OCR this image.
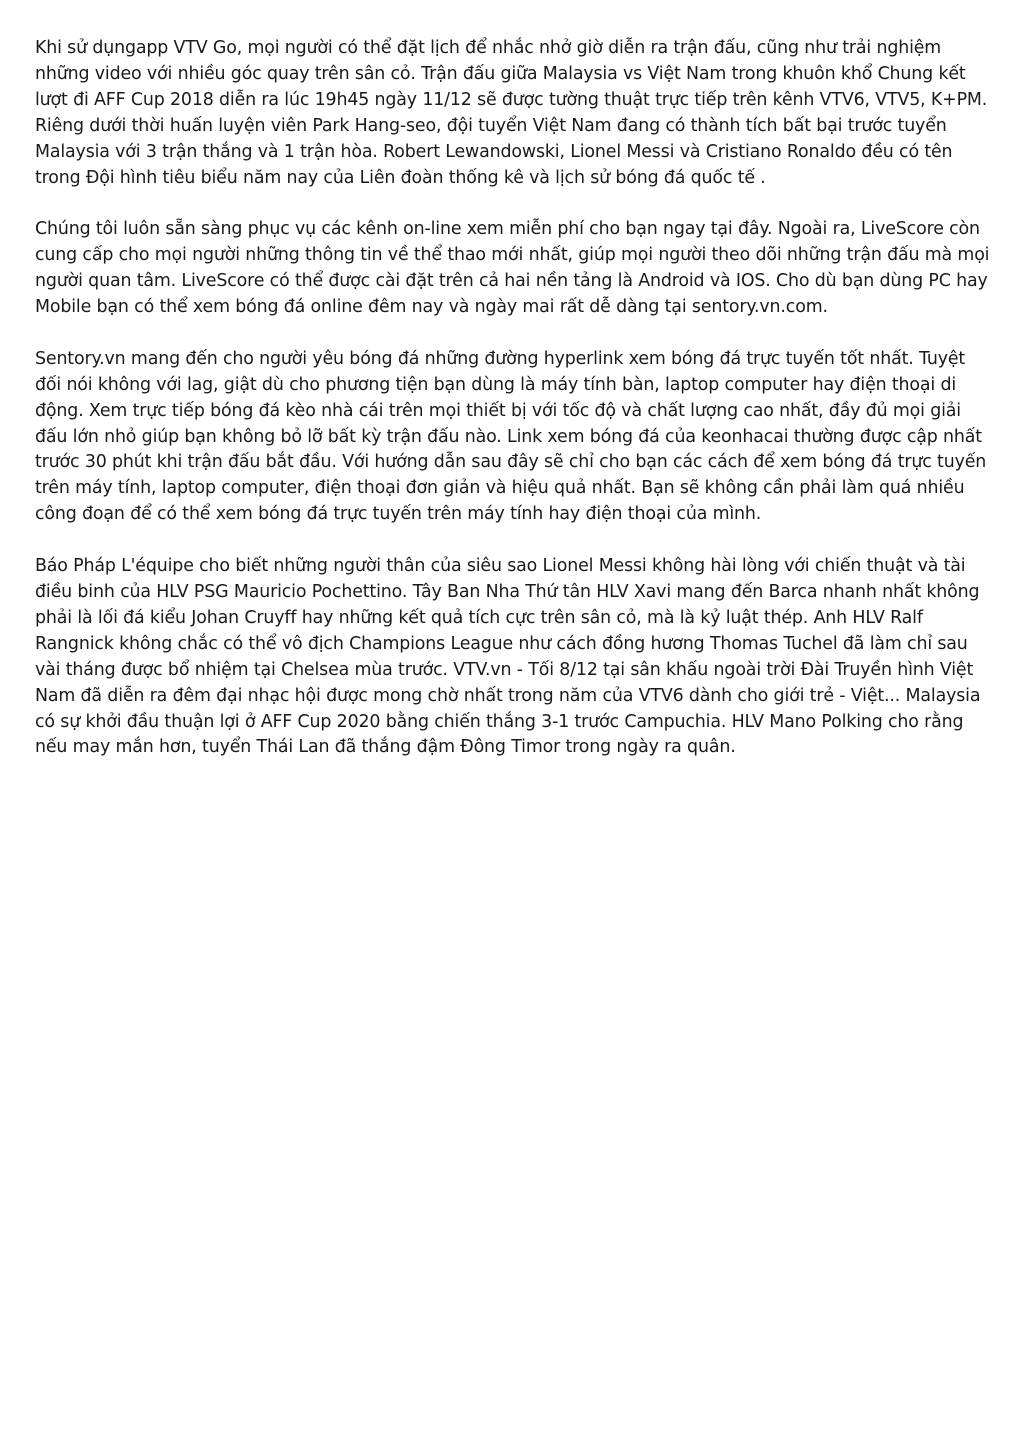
Khi sử dụngapp VTV Go, mọi người có thể đặt lịch để nhắc nhở giờ diễn ra trận đấu, cũng như trải nghiệm những video với nhiều góc quay trên sân cỏ. Trận đấu giữa Malaysia vs Việt Nam trong khuôn khổ Chung kết lượt đi AFF Cup 2018 diễn ra lúc 19h45 ngày 11/12 sẽ được tường thuật trực tiếp trên kênh VTV6, VTV5, K+PM. Riêng dưới thời huấn luyện viên Park Hang-seo, đội tuyển Việt Nam đang có thành tích bất bại trước tuyển Malaysia với 3 trận thắng và 1 trận hòa. Robert Lewandowski, Lionel Messi và Cristiano Ronaldo đều có tên trong Đội hình tiêu biểu năm nay của Liên đoàn thống kê và lịch sử bóng đá quốc tế .

Chúng tôi luôn sẵn sàng phục vụ các kênh on-line xem miễn phí cho bạn ngay tại đây. Ngoài ra, LiveScore còn cung cấp cho mọi người những thông tin về thể thao mới nhất, giúp mọi người theo dõi những trận đấu mà mọi người quan tâm. LiveScore có thể được cài đặt trên cả hai nền tảng là Android và IOS. Cho dù bạn dùng PC hay Mobile bạn có thể xem bóng đá online đêm nay và ngày mai rất dễ dàng tại sentory.vn.com.

Sentory.vn mang đến cho người yêu bóng đá những đường hyperlink xem bóng đá trực tuyến tốt nhất. Tuyệt đối nói không với lag, giật dù cho phương tiện bạn dùng là máy tính bàn, laptop computer hay điện thoại di động. Xem trực tiếp bóng đá kèo nhà cái trên mọi thiết bị với tốc độ và chất lượng cao nhất, đầy đủ mọi giải đấu lớn nhỏ giúp bạn không bỏ lỡ bất kỳ trận đấu nào. Link xem bóng đá của keonhacai thường được cập nhất trước 30 phút khi trận đấu bắt đầu. Với hướng dẫn sau đây sẽ chỉ cho bạn các cách để xem bóng đá trực tuyến trên máy tính, laptop computer, điện thoại đơn giản và hiệu quả nhất. Bạn sẽ không cần phải làm quá nhiều công đoạn để có thể xem bóng đá trực tuyến trên máy tính hay điện thoại của mình.

Báo Pháp L'équipe cho biết những người thân của siêu sao Lionel Messi không hài lòng với chiến thuật và tài điều binh của HLV PSG Mauricio Pochettino. Tây Ban Nha Thứ tân HLV Xavi mang đến Barca nhanh nhất không phải là lối đá kiểu Johan Cruyff hay những kết quả tích cực trên sân cỏ, mà là kỷ luật thép. Anh HLV Ralf Rangnick không chắc có thể vô địch Champions League như cách đồng hương Thomas Tuchel đã làm chỉ sau vài tháng được bổ nhiệm tại Chelsea mùa trước. VTV.vn - Tối 8/12 tại sân khấu ngoài trời Đài Truyền hình Việt Nam đã diễn ra đêm đại nhạc hội được mong chờ nhất trong năm của VTV6 dành cho giới trẻ - Việt... Malaysia có sự khởi đầu thuận lợi ở AFF Cup 2020 bằng chiến thắng 3-1 trước Campuchia. HLV Mano Polking cho rằng nếu may mắn hơn, tuyển Thái Lan đã thắng đậm Đông Timor trong ngày ra quân.
